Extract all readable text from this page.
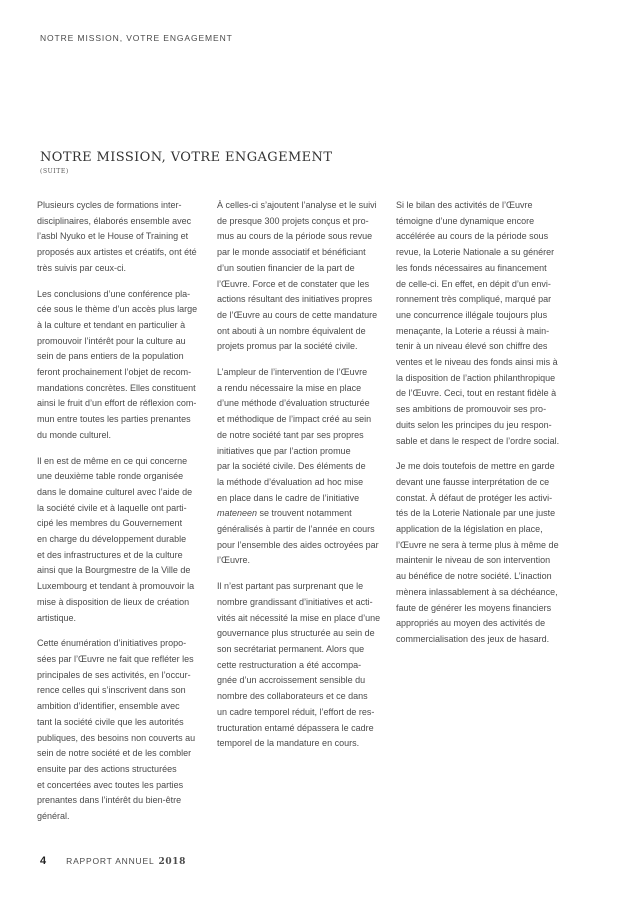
NOTRE MISSION, VOTRE ENGAGEMENT
NOTRE MISSION, VOTRE ENGAGEMENT
(SUITE)

Plusieurs cycles de formations inter-
disciplinaires, élaborés ensemble avec
l’asbl Nyuko et le House of Training et
proposés aux artistes et créatifs, ont été
très suivis par ceux-ci.

Les conclusions d’une conférence pla-
cée sous le thème d’un accès plus large
à la culture et tendant en particulier à
promouvoir l’intérêt pour la culture au
sein de pans entiers de la population
feront prochainement l’objet de recom-
mandations concrètes. Elles constituent
ainsi le fruit d’un effort de réflexion com-
mun entre toutes les parties prenantes
du monde culturel.

Il en est de même en ce qui concerne
une deuxième table ronde organisée
dans le domaine culturel avec l’aide de
la société civile et à laquelle ont parti-
cipé les membres du Gouvernement
en charge du développement durable
et des infrastructures et de la culture
ainsi que la Bourgmestre de la Ville de
Luxembourg et tendant à promouvoir la
mise à disposition de lieux de création
artistique.

Cette énumération d’initiatives propo-
sées par l’Œuvre ne fait que refléter les
principales de ses activités, en l’occur-
rence celles qui s’inscrivent dans son
ambition d’identifier, ensemble avec
tant la société civile que les autorités
publiques, des besoins non couverts au
sein de notre société et de les combler
ensuite par des actions structurées
et concertées avec toutes les parties
prenantes dans l’intérêt du bien-être
général.

À celles-ci s’ajoutent l’analyse et le suivi
de presque 300 projets conçus et pro-
mus au cours de la période sous revue
par le monde associatif et bénéficiant
d’un soutien financier de la part de
l’Œuvre. Force et de constater que les
actions résultant des initiatives propres
de l’Œuvre au cours de cette mandature
ont abouti à un nombre équivalent de
projets promus par la société civile.

L’ampleur de l’intervention de l’Œuvre
a rendu nécessaire la mise en place
d’une méthode d’évaluation structurée
et méthodique de l’impact créé au sein
de notre société tant par ses propres
initiatives que par l’action promue
par la société civile. Des éléments de
la méthode d’évaluation ad hoc mise
en place dans le cadre de l’initiative
mateneen se trouvent notamment
généralisés à partir de l’année en cours
pour l’ensemble des aides octroyées par
l’Œuvre.

Il n’est partant pas surprenant que le
nombre grandissant d’initiatives et acti-
vités ait nécessité la mise en place d’une
gouvernance plus structurée au sein de
son secrétariat permanent. Alors que
cette restructuration a été accompa-
gnée d’un accroissement sensible du
nombre des collaborateurs et ce dans
un cadre temporel réduit, l’effort de res-
tructuration entamé dépassera le cadre
temporel de la mandature en cours.

Si le bilan des activités de l’Œuvre
témoigne d’une dynamique encore
accélérée au cours de la période sous
revue, la Loterie Nationale a su générer
les fonds nécessaires au financement
de celle-ci. En effet, en dépit d’un envi-
ronnement très compliqué, marqué par
une concurrence illégale toujours plus
menaçante, la Loterie a réussi à main-
tenir à un niveau élevé son chiffre des
ventes et le niveau des fonds ainsi mis à
la disposition de l’action philanthropique
de l’Œuvre. Ceci, tout en restant fidèle à
ses ambitions de promouvoir ses pro-
duits selon les principes du jeu respon-
sable et dans le respect de l’ordre social.

Je me dois toutefois de mettre en garde
devant une fausse interprétation de ce
constat. À défaut de protéger les activi-
tés de la Loterie Nationale par une juste
application de la législation en place,
l’Œuvre ne sera à terme plus à même de
maintenir le niveau de son intervention
au bénéfice de notre société. L’inaction
mènera inlassablement à sa déchéance,
faute de générer les moyens financiers
appropriés au moyen des activités de
commercialisation des jeux de hasard.

4 RAPPORT ANNUEL 2018
